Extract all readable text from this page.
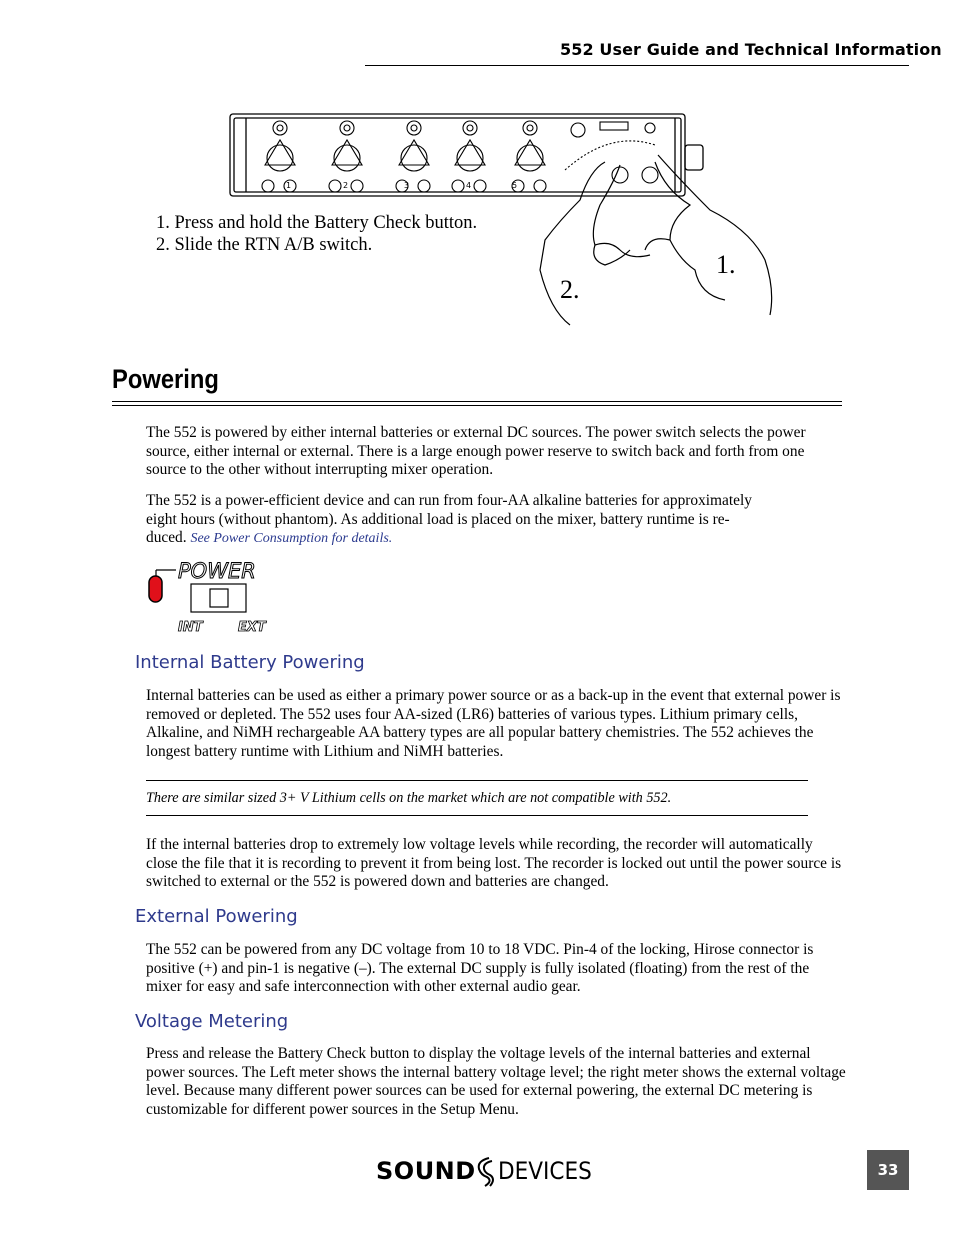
552 User Guide and Technical Information
1	2	3	4	5
1.
2.
1. Press and hold the Battery Check button.
2. Slide the RTN A/B switch.
Powering
The 552 is powered by either internal batteries or external DC sources. The power switch selects the power source, either internal or external. There is a large enough power reserve to switch back and forth from one source to the other without interrupting mixer operation.
The 552 is a power-efficient device and can run from four-AA alkaline batteries for approximately
eight hours (without phantom). As additional load is placed on the mixer, battery runtime is re-
duced. See Power Consumption for details.
POWER
INT	EXT
Internal Battery Powering
Internal batteries can be used as either a primary power source or as a back-up in the event that external power is removed or depleted. The 552 uses four AA-sized (LR6) batteries of various types. Lithium primary cells, Alkaline, and NiMH rechargeable AA battery types are all popular battery chemistries. The 552 achieves the longest battery runtime with Lithium and NiMH batteries.
There are similar sized 3+ V Lithium cells on the market which are not compatible with 552.
If the internal batteries drop to extremely low voltage levels while recording, the recorder will automatically close the file that it is recording to prevent it from being lost. The recorder is locked out until the power source is switched to external or the 552 is powered down and batteries are changed.
External Powering
The 552 can be powered from any DC voltage from 10 to 18 VDC. Pin-4 of the locking, Hirose connector is positive (+) and pin-1 is negative (–). The external DC supply is fully isolated (floating) from the rest of the mixer for easy and safe interconnection with other external audio gear.
Voltage Metering
Press and release the Battery Check button to display the voltage levels of the internal batteries and external power sources. The Left meter shows the internal battery voltage level; the right meter shows the external voltage level. Because many different power sources can be used for external powering, the external DC metering is customizable for different power sources in the Setup Menu.
SOUND DEVICES	33
